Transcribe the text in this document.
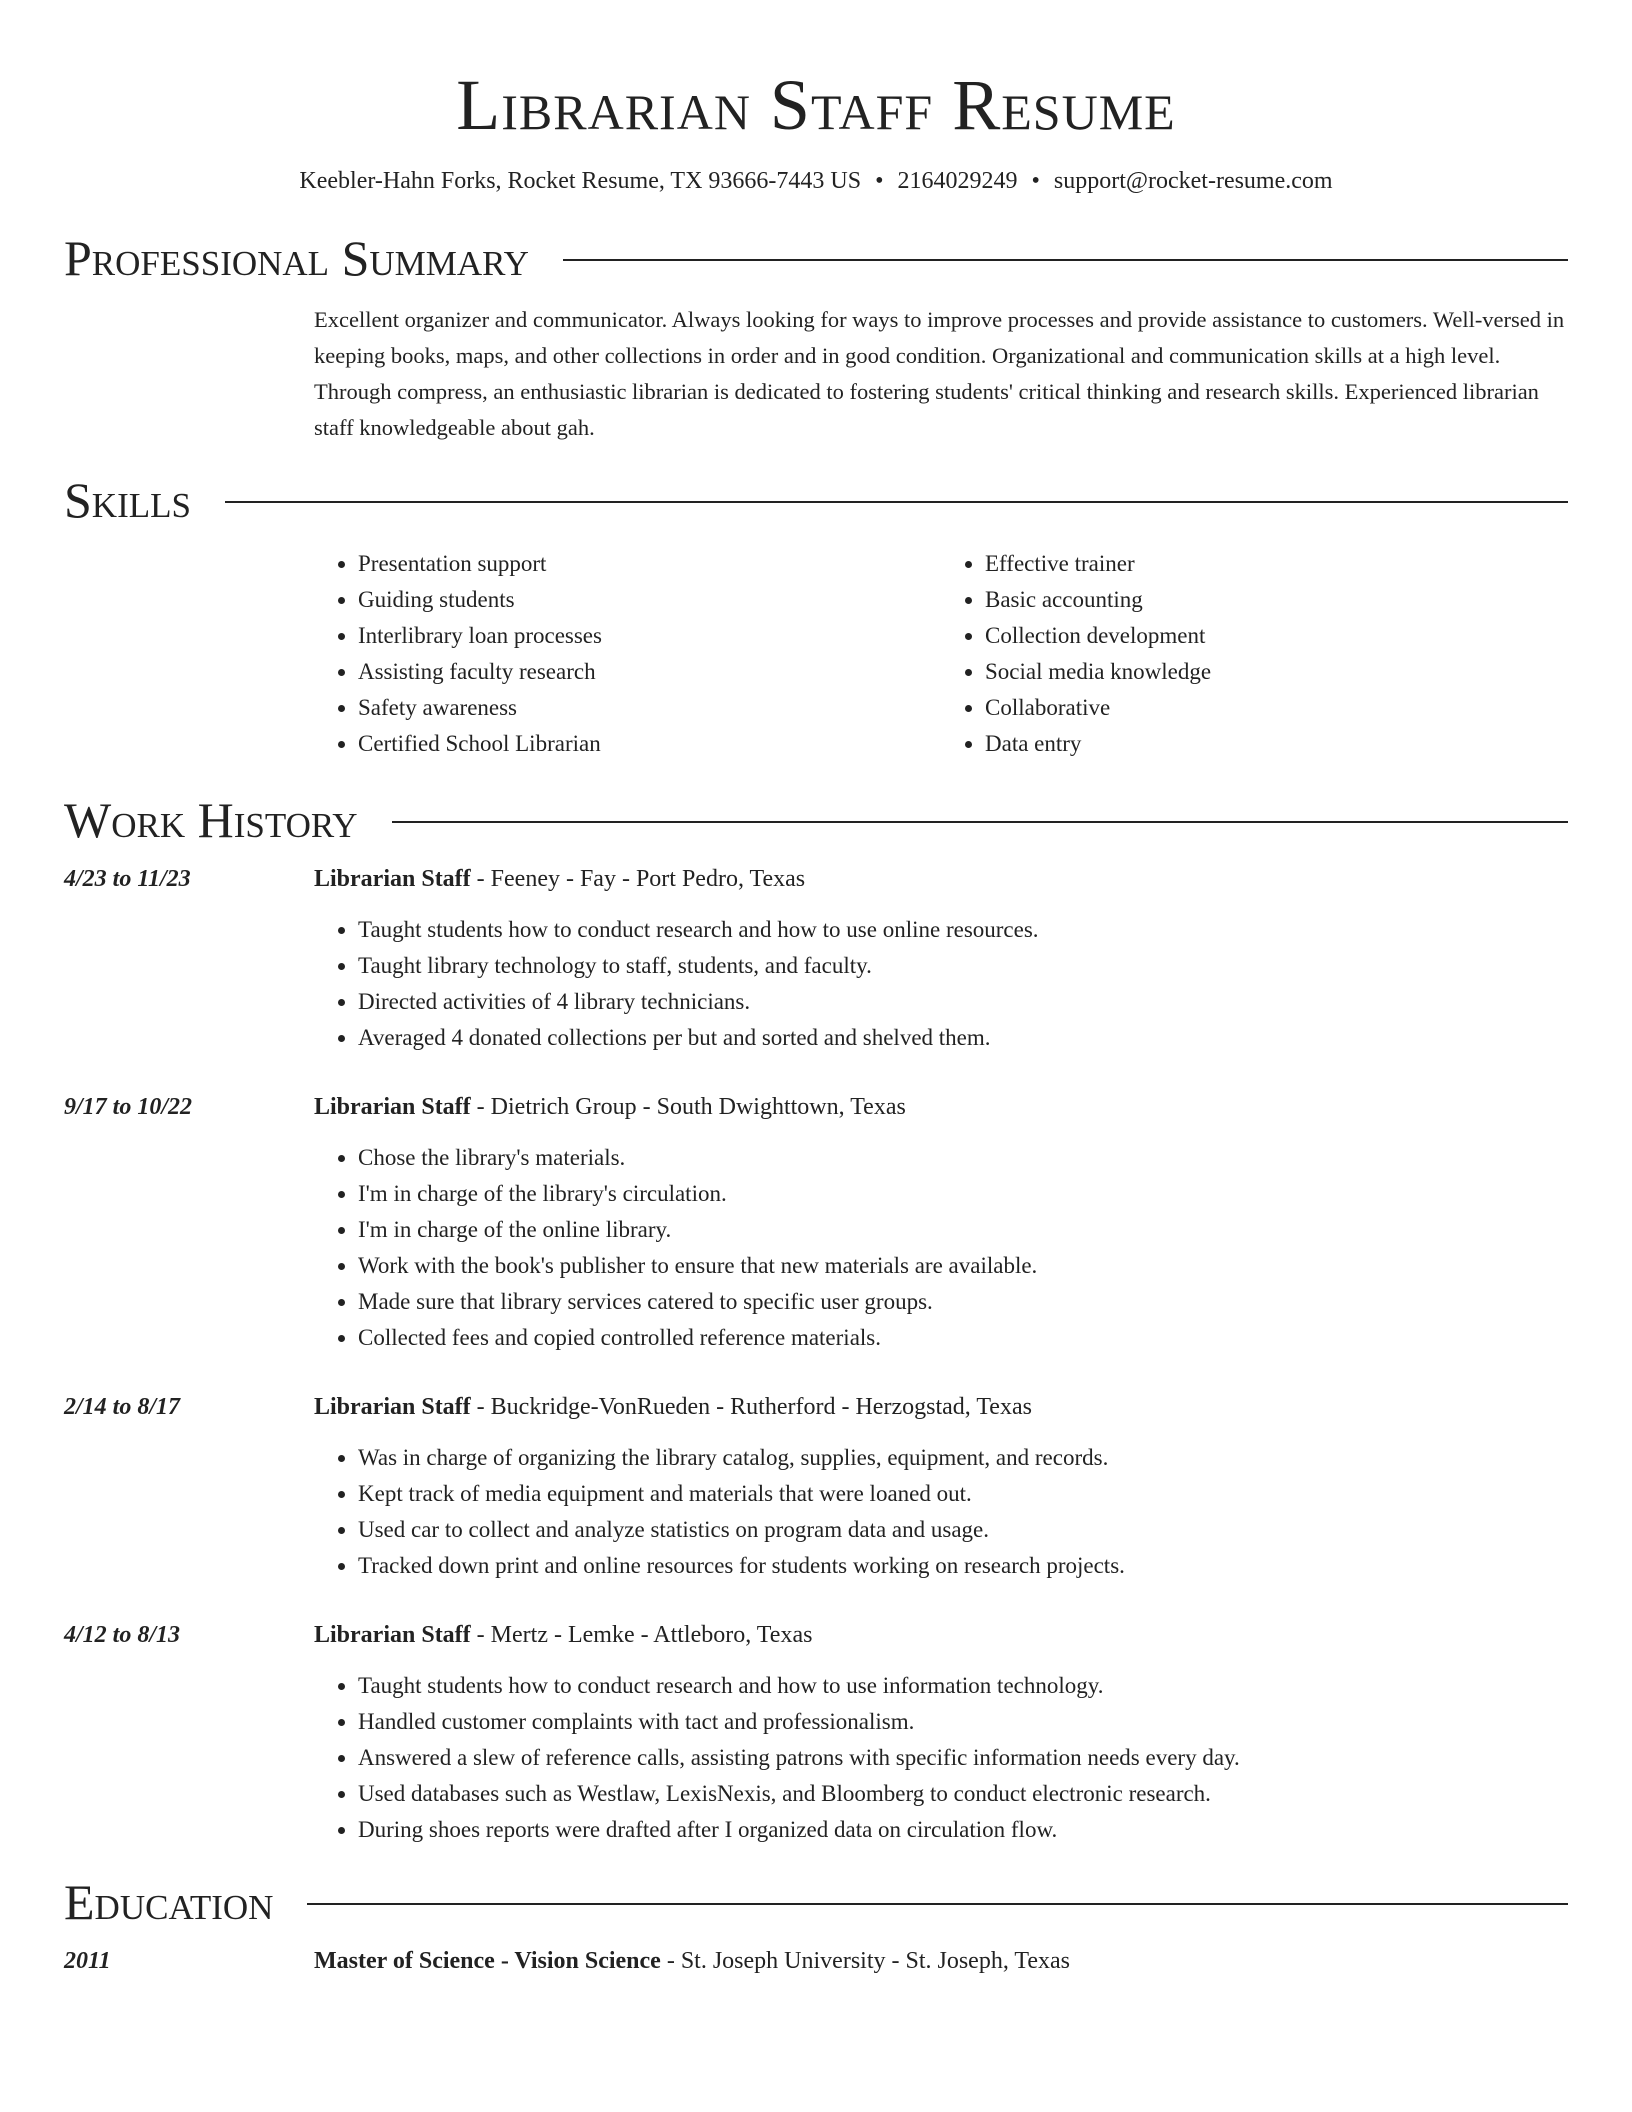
Librarian Staff Resume
Keebler-Hahn Forks, Rocket Resume, TX 93666-7443 US • 2164029249 • support@rocket-resume.com
Professional Summary

Excellent organizer and communicator. Always looking for ways to improve processes and provide assistance to customers. Well-versed in keeping books, maps, and other collections in order and in good condition. Organizational and communication skills at a high level. Through compress, an enthusiastic librarian is dedicated to fostering students' critical thinking and research skills. Experienced librarian staff knowledgeable about gah.

Skills
• Presentation support
• Guiding students
• Interlibrary loan processes
• Assisting faculty research
• Safety awareness
• Certified School Librarian
• Effective trainer
• Basic accounting
• Collection development
• Social media knowledge
• Collaborative
• Data entry
Work History
4/23 to 11/23	Librarian Staff - Feeney - Fay - Port Pedro, Texas
• Taught students how to conduct research and how to use online resources.
• Taught library technology to staff, students, and faculty.
• Directed activities of 4 library technicians.
• Averaged 4 donated collections per but and sorted and shelved them.
9/17 to 10/22	Librarian Staff - Dietrich Group - South Dwighttown, Texas
• Chose the library's materials.
• I'm in charge of the library's circulation.
• I'm in charge of the online library.
• Work with the book's publisher to ensure that new materials are available.
• Made sure that library services catered to specific user groups.
• Collected fees and copied controlled reference materials.
2/14 to 8/17	Librarian Staff - Buckridge-VonRueden - Rutherford - Herzogstad, Texas
• Was in charge of organizing the library catalog, supplies, equipment, and records.
• Kept track of media equipment and materials that were loaned out.
• Used car to collect and analyze statistics on program data and usage.
• Tracked down print and online resources for students working on research projects.
4/12 to 8/13	Librarian Staff - Mertz - Lemke - Attleboro, Texas
• Taught students how to conduct research and how to use information technology.
• Handled customer complaints with tact and professionalism.
• Answered a slew of reference calls, assisting patrons with specific information needs every day.
• Used databases such as Westlaw, LexisNexis, and Bloomberg to conduct electronic research.
• During shoes reports were drafted after I organized data on circulation flow.
Education
2011	Master of Science - Vision Science - St. Joseph University - St. Joseph, Texas
